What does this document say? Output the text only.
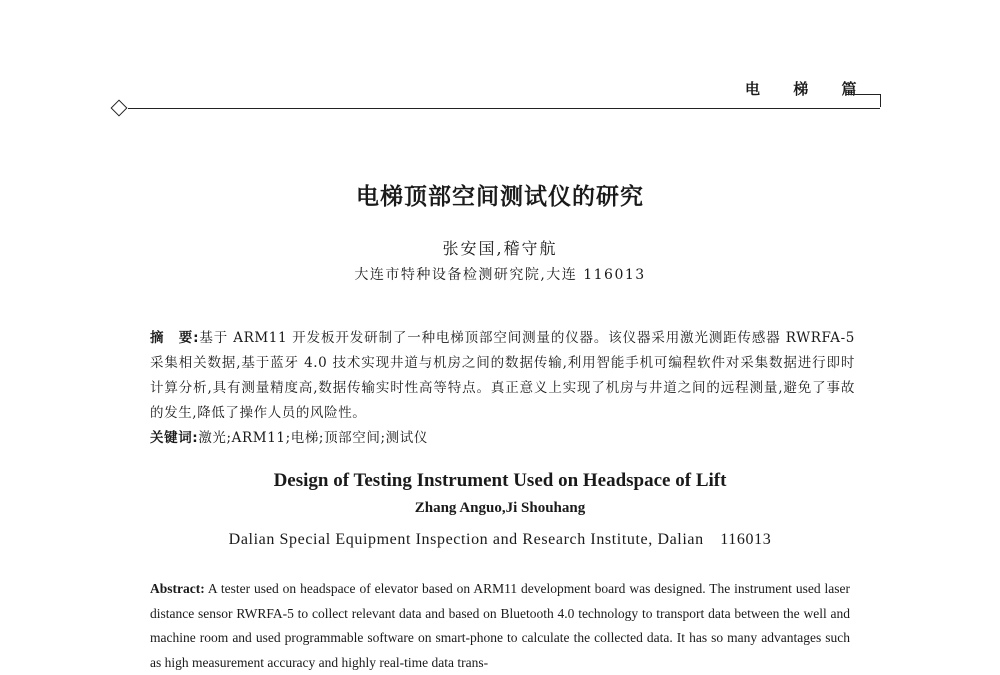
电 梯 篇
电梯顶部空间测试仪的研究
张安国,稽守航
大连市特种设备检测研究院,大连 116013
摘　要:基于 ARM11 开发板开发研制了一种电梯顶部空间测量的仪器。该仪器采用激光测距传感器 RWRFA-5 采集相关数据,基于蓝牙 4.0 技术实现井道与机房之间的数据传输,利用智能手机可编程软件对采集数据进行即时计算分析,具有测量精度高,数据传输实时性高等特点。真正意义上实现了机房与井道之间的远程测量,避免了事故的发生,降低了操作人员的风险性。
关键词:激光;ARM11;电梯;顶部空间;测试仪
Design of Testing Instrument Used on Headspace of Lift
Zhang Anguo,Ji Shouhang
Dalian Special Equipment Inspection and Research Institute, Dalian　116013
Abstract: A tester used on headspace of elevator based on ARM11 development board was designed. The instrument used laser distance sensor RWRFA-5 to collect relevant data and based on Bluetooth 4.0 technology to transport data between the well and machine room and used programmable software on smart-phone to calculate the collected data. It has so many advantages such as high measurement accuracy and highly real-time data trans-
